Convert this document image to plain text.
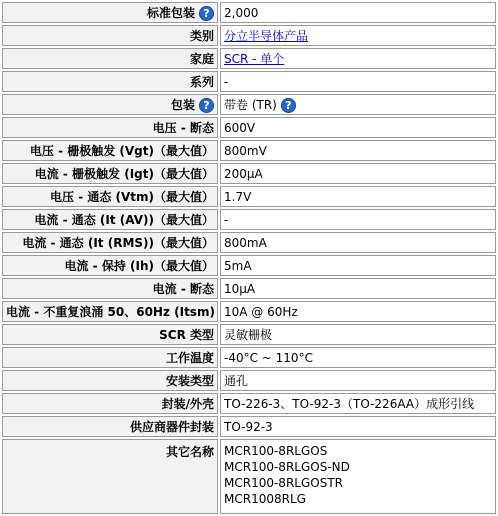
标准包装 ?	2,000
类别	分立半导体产品
家庭	SCR - 单个
系列	-
包装 ?	带卷 (TR) ?
电压 - 断态	600V
电压 - 栅极触发 (Vgt)（最大值）	800mV
电流 - 栅极触发 (Igt)（最大值）	200µA
电压 - 通态 (Vtm)（最大值）	1.7V
电流 - 通态 (It (AV))（最大值）	-
电流 - 通态 (It (RMS))（最大值）	800mA
电流 - 保持 (Ih)（最大值）	5mA
电流 - 断态	10µA
电流 - 不重复浪涌 50、60Hz (Itsm)	10A @ 60Hz
SCR 类型	灵敏栅极
工作温度	-40°C ~ 110°C
安装类型	通孔
封装/外壳	TO-226-3、TO-92-3（TO-226AA）成形引线
供应商器件封装	TO-92-3
其它名称	MCR100-8RLGOS
MCR100-8RLGOS-ND
MCR100-8RLGOSTR
MCR1008RLG
